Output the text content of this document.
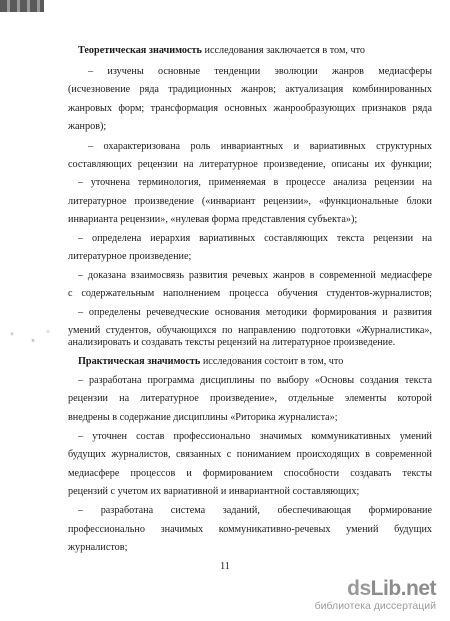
Теоретическая значимость исследования заключается в том, что
– изучены основные тенденции эволюции жанров медиасферы
(исчезновение ряда традиционных жанров; актуализация комбинированных
жанровых форм; трансформация основных жанрообразующих признаков ряда
жанров);
– охарактеризована роль инвариантных и вариативных структурных
составляющих рецензии на литературное произведение, описаны их функции;
– уточнена терминология, применяемая в процессе анализа рецензии на
литературное произведение («инвариант рецензии», «функциональные блоки
инварианта рецензии», «нулевая форма представления субъекта»);
– определена иерархия вариативных составляющих текста рецензии на
литературное произведение;
– доказана взаимосвязь развития речевых жанров в современной медиасфере
с содержательным наполнением процесса обучения студентов-журналистов;
– определены речеведческие основания методики формирования и развития
умений студентов, обучающихся по направлению подготовки «Журналистика»,
анализировать и создавать тексты рецензий на литературное произведение.
Практическая значимость исследования состоит в том, что
– разработана программа дисциплины по выбору «Основы создания текста
рецензии на литературное произведение», отдельные элементы которой
внедрены в содержание дисциплины «Риторика журналиста»;
– уточнен состав профессионально значимых коммуникативных умений
будущих журналистов, связанных с пониманием происходящих в современной
медиасфере процессов и формированием способности создавать тексты
рецензий с учетом их вариативной и инвариантной составляющих;
– разработана система заданий, обеспечивающая формирование
профессионально значимых коммуникативно-речевых умений будущих
журналистов;
11
dsLib.net
библиотека диссертаций
